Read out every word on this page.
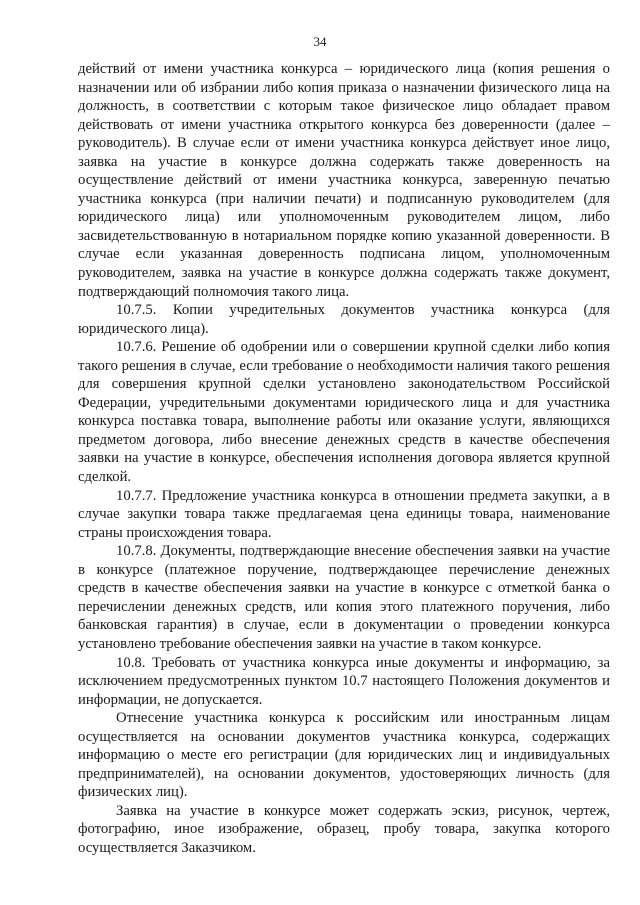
34

действий от имени участника конкурса – юридического лица (копия решения о назначении или об избрании либо копия приказа о назначении физического лица на должность, в соответствии с которым такое физическое лицо обладает правом действовать от имени участника открытого конкурса без доверенности (далее – руководитель). В случае если от имени участника конкурса действует иное лицо, заявка на участие в конкурсе должна содержать также доверенность на осуществление действий от имени участника конкурса, заверенную печатью участника конкурса (при наличии печати) и подписанную руководителем (для юридического лица) или уполномоченным руководителем лицом, либо засвидетельствованную в нотариальном порядке копию указанной доверенности. В случае если указанная доверенность подписана лицом, уполномоченным руководителем, заявка на участие в конкурсе должна содержать также документ, подтверждающий полномочия такого лица.

10.7.5. Копии учредительных документов участника конкурса (для юридического лица).

10.7.6. Решение об одобрении или о совершении крупной сделки либо копия такого решения в случае, если требование о необходимости наличия такого решения для совершения крупной сделки установлено законодательством Российской Федерации, учредительными документами юридического лица и для участника конкурса поставка товара, выполнение работы или оказание услуги, являющихся предметом договора, либо внесение денежных средств в качестве обеспечения заявки на участие в конкурсе, обеспечения исполнения договора является крупной сделкой.

10.7.7. Предложение участника конкурса в отношении предмета закупки, а в случае закупки товара также предлагаемая цена единицы товара, наименование страны происхождения товара.

10.7.8. Документы, подтверждающие внесение обеспечения заявки на участие в конкурсе (платежное поручение, подтверждающее перечисление денежных средств в качестве обеспечения заявки на участие в конкурсе с отметкой банка о перечислении денежных средств, или копия этого платежного поручения, либо банковская гарантия) в случае, если в документации о проведении конкурса установлено требование обеспечения заявки на участие в таком конкурсе.

10.8. Требовать от участника конкурса иные документы и информацию, за исключением предусмотренных пунктом 10.7 настоящего Положения документов и информации, не допускается.

Отнесение участника конкурса к российским или иностранным лицам осуществляется на основании документов участника конкурса, содержащих информацию о месте его регистрации (для юридических лиц и индивидуальных предпринимателей), на основании документов, удостоверяющих личность (для физических лиц).

Заявка на участие в конкурсе может содержать эскиз, рисунок, чертеж, фотографию, иное изображение, образец, пробу товара, закупка которого осуществляется Заказчиком.
